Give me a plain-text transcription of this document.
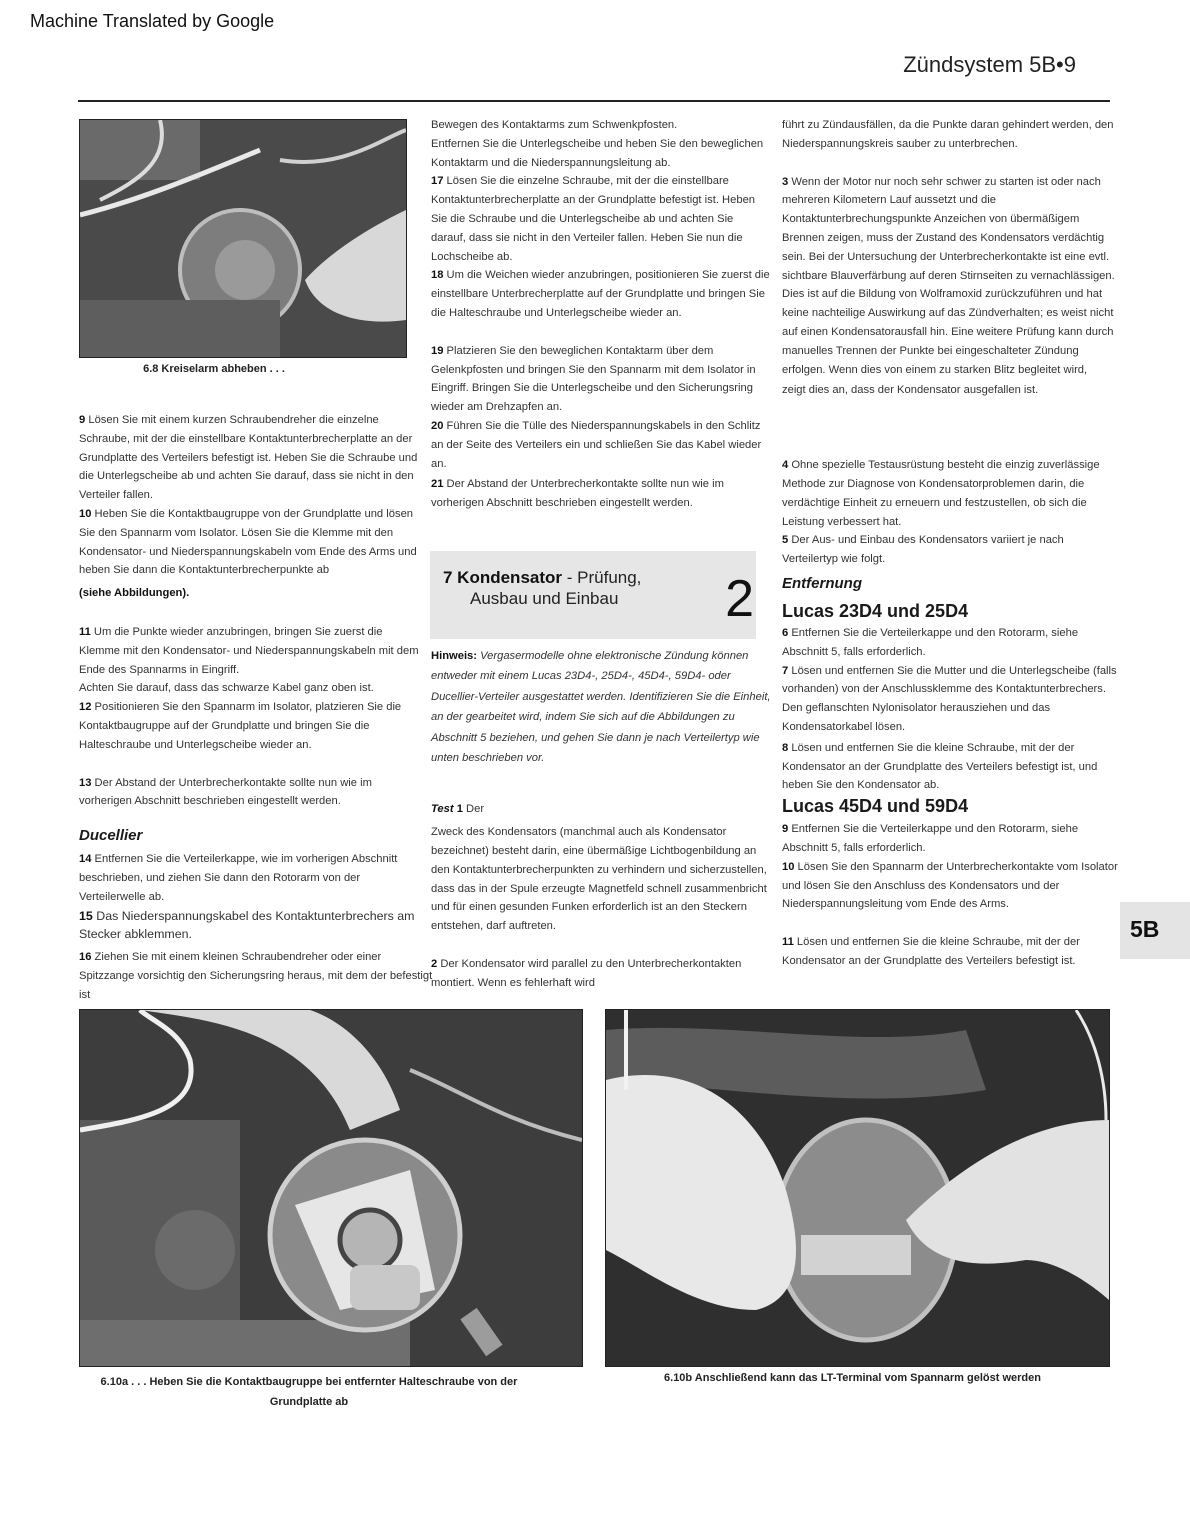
Machine Translated by Google
Zündsystem 5B•9
6.8 Kreiselarm abheben . . .

9 Lösen Sie mit einem kurzen Schraubendreher die einzelne Schraube, mit der die einstellbare Kontaktunterbrecherplatte an der Grundplatte des Verteilers befestigt ist. Heben Sie die Schraube und die Unterlegscheibe ab und achten Sie darauf, dass sie nicht in den Verteiler fallen.

10 Heben Sie die Kontaktbaugruppe von der Grundplatte und lösen Sie den Spannarm vom Isolator. Lösen Sie die Klemme mit den Kondensator- und Niederspannungskabeln vom Ende des Arms und heben Sie dann die Kontaktunterbrecherpunkte ab

(siehe Abbildungen).

11 Um die Punkte wieder anzubringen, bringen Sie zuerst die Klemme mit den Kondensator- und Niederspannungskabeln mit dem Ende des Spannarms in Eingriff.

Achten Sie darauf, dass das schwarze Kabel ganz oben ist.

12 Positionieren Sie den Spannarm im Isolator, platzieren Sie die Kontaktbaugruppe auf der Grundplatte und bringen Sie die Halteschraube und Unterlegscheibe wieder an.

13 Der Abstand der Unterbrecherkontakte sollte nun wie im vorherigen Abschnitt beschrieben eingestellt werden.

Ducellier

14 Entfernen Sie die Verteilerkappe, wie im vorherigen Abschnitt beschrieben, und ziehen Sie dann den Rotorarm von der Verteilerwelle ab.

15 Das Niederspannungskabel des Kontaktunterbrechers am Stecker abklemmen.

16 Ziehen Sie mit einem kleinen Schraubendreher oder einer Spitzzange vorsichtig den Sicherungsring heraus, mit dem der befestigt ist

Bewegen des Kontaktarms zum Schwenkpfosten.

Entfernen Sie die Unterlegscheibe und heben Sie den beweglichen Kontaktarm und die Niederspannungsleitung ab.

17 Lösen Sie die einzelne Schraube, mit der die einstellbare Kontaktunterbrecherplatte an der Grundplatte befestigt ist. Heben Sie die Schraube und die Unterlegscheibe ab und achten Sie darauf, dass sie nicht in den Verteiler fallen. Heben Sie nun die Lochscheibe ab.

18 Um die Weichen wieder anzubringen, positionieren Sie zuerst die einstellbare Unterbrecherplatte auf der Grundplatte und bringen Sie die Halteschraube und Unterlegscheibe wieder an.

19 Platzieren Sie den beweglichen Kontaktarm über dem Gelenkpfosten und bringen Sie den Spannarm mit dem Isolator in Eingriff. Bringen Sie die Unterlegscheibe und den Sicherungsring wieder am Drehzapfen an.

20 Führen Sie die Tülle des Niederspannungskabels in den Schlitz an der Seite des Verteilers ein und schließen Sie das Kabel wieder an.

21 Der Abstand der Unterbrecherkontakte sollte nun wie im vorherigen Abschnitt beschrieben eingestellt werden.

7 Kondensator - Prüfung,
Ausbau und Einbau	2

Hinweis: Vergasermodelle ohne elektronische Zündung können entweder mit einem Lucas 23D4-, 25D4-, 45D4-, 59D4- oder Ducellier-Verteiler ausgestattet werden. Identifizieren Sie die Einheit, an der gearbeitet wird, indem Sie sich auf die Abbildungen zu Abschnitt 5 beziehen, und gehen Sie dann je nach Verteilertyp wie unten beschrieben vor.

Test 1 Der

Zweck des Kondensators (manchmal auch als Kondensator bezeichnet) besteht darin, eine übermäßige Lichtbogenbildung an den Kontaktunterbrecherpunkten zu verhindern und sicherzustellen, dass das in der Spule erzeugte Magnetfeld schnell zusammenbricht und für einen gesunden Funken erforderlich ist an den Steckern entstehen, darf auftreten.

2 Der Kondensator wird parallel zu den Unterbrecherkontakten montiert. Wenn es fehlerhaft wird

führt zu Zündausfällen, da die Punkte daran gehindert werden, den Niederspannungskreis sauber zu unterbrechen.

3 Wenn der Motor nur noch sehr schwer zu starten ist oder nach mehreren Kilometern Lauf aussetzt und die Kontaktunterbrechungspunkte Anzeichen von übermäßigem Brennen zeigen, muss der Zustand des Kondensators verdächtig sein. Bei der Untersuchung der Unterbrecherkontakte ist eine evtl. sichtbare Blauverfärbung auf deren Stirnseiten zu vernachlässigen. Dies ist auf die Bildung von Wolframoxid zurückzuführen und hat keine nachteilige Auswirkung auf das Zündverhalten; es weist nicht auf einen Kondensatorausfall hin. Eine weitere Prüfung kann durch manuelles Trennen der Punkte bei eingeschalteter Zündung erfolgen. Wenn dies von einem zu starken Blitz begleitet wird,

zeigt dies an, dass der Kondensator ausgefallen ist.

4 Ohne spezielle Testausrüstung besteht die einzig zuverlässige Methode zur Diagnose von Kondensatorproblemen darin, die verdächtige Einheit zu erneuern und festzustellen, ob sich die Leistung verbessert hat.

5 Der Aus- und Einbau des Kondensators variiert je nach Verteilertyp wie folgt.

Entfernung
Lucas 23D4 und 25D4

6 Entfernen Sie die Verteilerkappe und den Rotorarm, siehe Abschnitt 5, falls erforderlich.

7 Lösen und entfernen Sie die Mutter und die Unterlegscheibe (falls vorhanden) von der Anschlussklemme des Kontaktunterbrechers. Den geflanschten Nylonisolator herausziehen und das Kondensatorkabel lösen.

8 Lösen und entfernen Sie die kleine Schraube, mit der der Kondensator an der Grundplatte des Verteilers befestigt ist, und heben Sie den Kondensator ab.

Lucas 45D4 und 59D4

9 Entfernen Sie die Verteilerkappe und den Rotorarm, siehe Abschnitt 5, falls erforderlich.

10 Lösen Sie den Spannarm der Unterbrecherkontakte vom Isolator und lösen Sie den Anschluss des Kondensators und der Niederspannungsleitung vom Ende des Arms.

11 Lösen und entfernen Sie die kleine Schraube, mit der der Kondensator an der Grundplatte des Verteilers befestigt ist.

5B
6.10a . . . Heben Sie die Kontaktbaugruppe bei entfernter Halteschraube von der
Grundplatte ab
6.10b Anschließend kann das LT-Terminal vom Spannarm gelöst werden
